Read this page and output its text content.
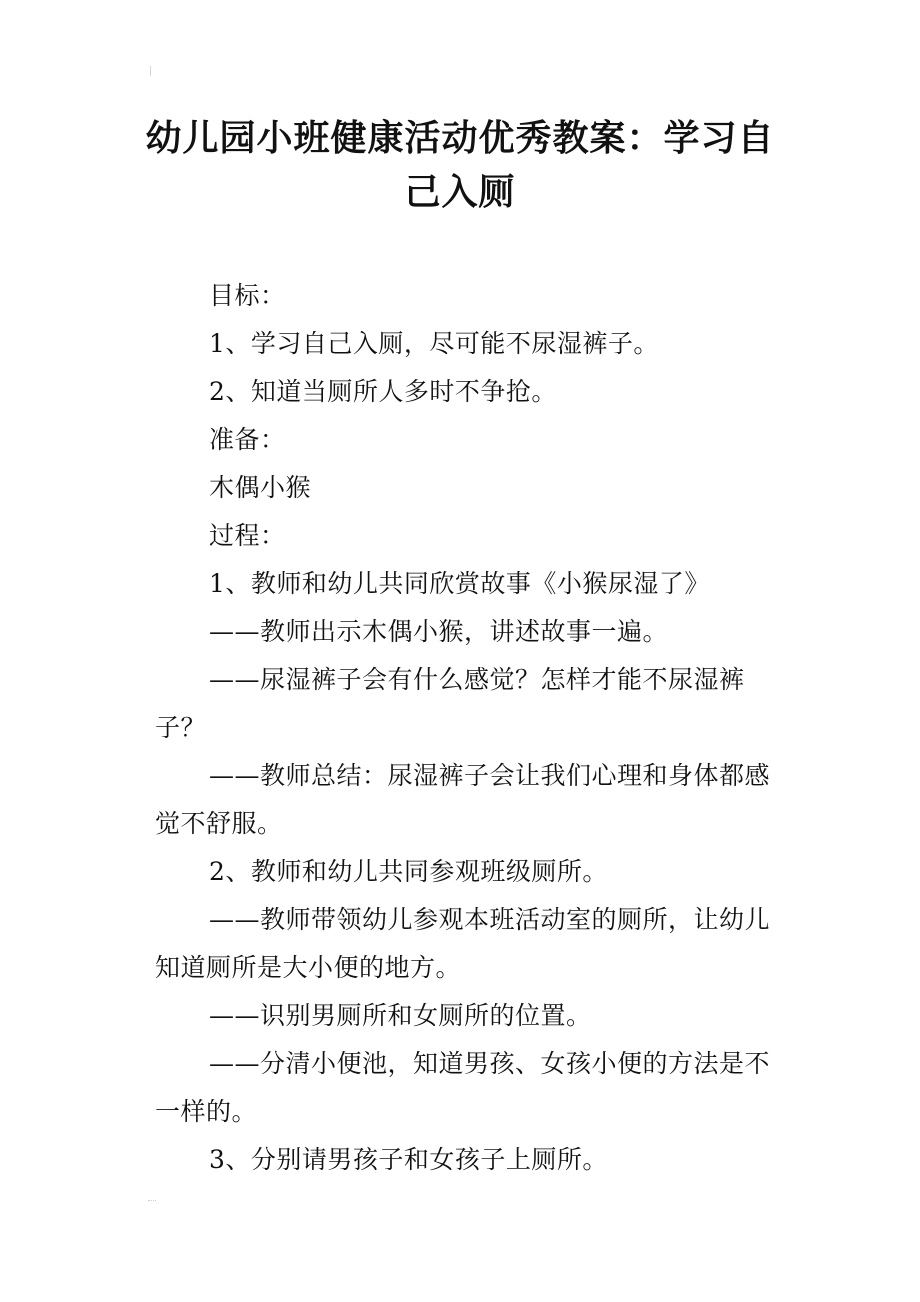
幼儿园小班健康活动优秀教案：学习自己入厕

目标：

1、学习自己入厕，尽可能不尿湿裤子。

2、知道当厕所人多时不争抢。

准备：

木偶小猴

过程：

1、教师和幼儿共同欣赏故事《小猴尿湿了》

——教师出示木偶小猴，讲述故事一遍。

——尿湿裤子会有什么感觉？怎样才能不尿湿裤子？

——教师总结：尿湿裤子会让我们心理和身体都感觉不舒服。

2、教师和幼儿共同参观班级厕所。

——教师带领幼儿参观本班活动室的厕所，让幼儿知道厕所是大小便的地方。

——识别男厕所和女厕所的位置。

——分清小便池，知道男孩、女孩小便的方法是不一样的。

3、分别请男孩子和女孩子上厕所。
